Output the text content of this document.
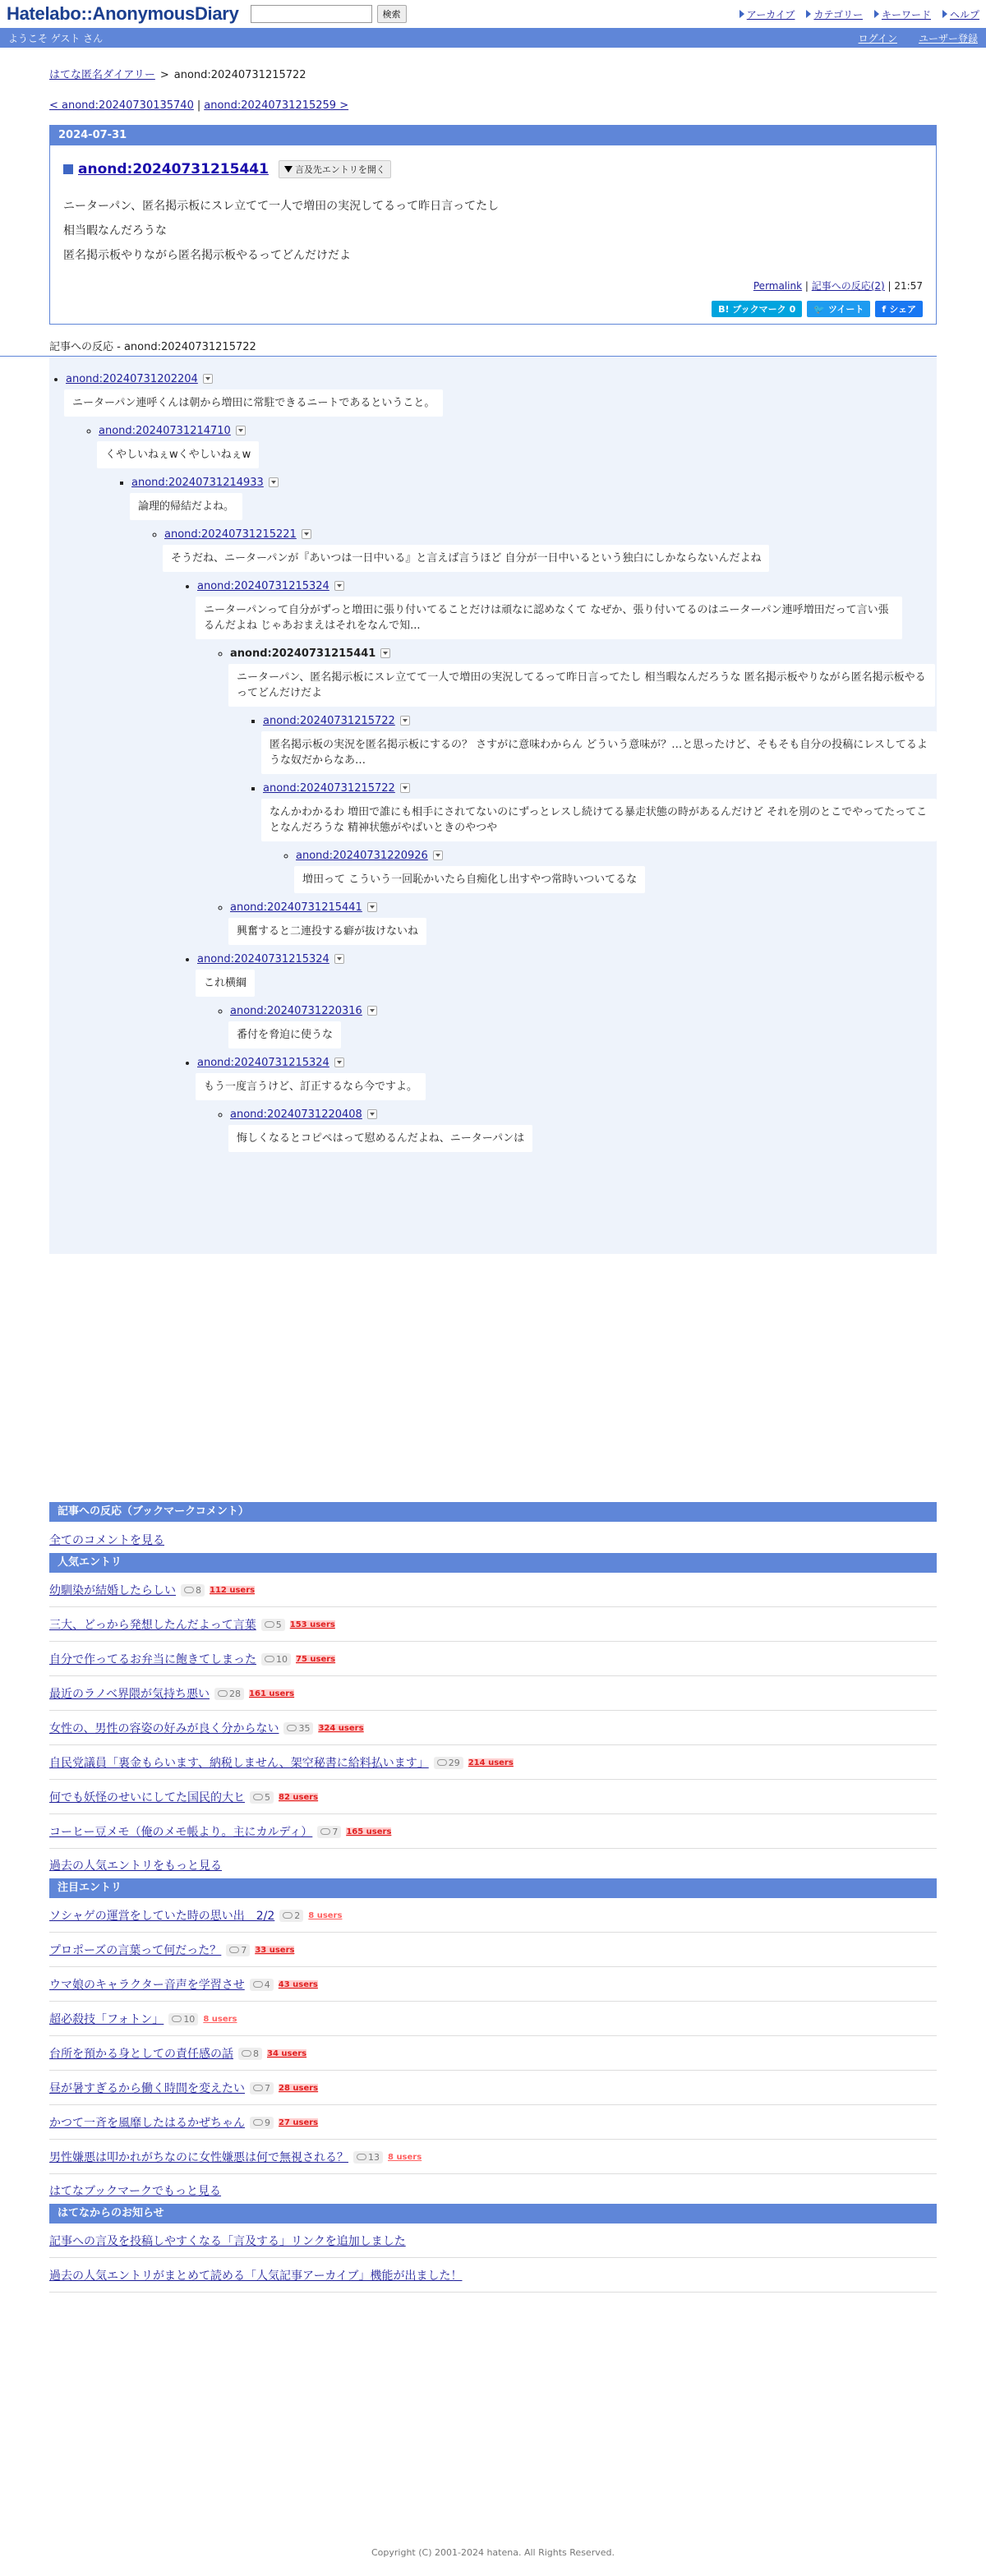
Hatelabo::AnonymousDiary	検索	アーカイブ カテゴリー キーワード ヘルプ
ようこそ ゲスト さん	ログイン ユーザー登録
はてな匿名ダイアリー > anond:20240731215722
< anond:20240730135740 | anond:20240731215259 >
2024-07-31
anond:20240731215441	言及先エントリを開く

ニーターパン、匿名掲示板にスレ立てて一人で増田の実況してるって昨日言ってたし

相当暇なんだろうな

匿名掲示板やりながら匿名掲示板やるってどんだけだよ

Permalink | 記事への反応(2) | 21:57
B! ブックマーク 0 🐦 ツイート f シェア
記事への反応 - anond:20240731215722
• anond:20240731202204
ニーターパン連呼くんは朝から増田に常駐できるニートであるということ。
◦ anond:20240731214710
くやしいねぇwくやしいねぇw
▪ anond:20240731214933
論理的帰結だよね。
◦ anond:20240731215221
そうだね、ニーターパンが『あいつは一日中いる』と言えば言うほど 自分が一日中いるという独白にしかならないんだよね
• anond:20240731215324
ニーターパンって自分がずっと増田に張り付いてることだけは頑なに認めなくて なぜか、張り付いてるのはニーターパン連呼増田だって言い張るんだよね じゃあおまえはそれをなんで知...
◦ anond:20240731215441
ニーターパン、匿名掲示板にスレ立てて一人で増田の実況してるって昨日言ってたし 相当暇なんだろうな 匿名掲示板やりながら匿名掲示板やるってどんだけだよ
▪ anond:20240731215722
匿名掲示板の実況を匿名掲示板にするの？ さすがに意味わからん どういう意味が？…と思ったけど、そもそも自分の投稿にレスしてるような奴だからなあ…
▪ anond:20240731215722
なんかわかるわ 増田で誰にも相手にされてないのにずっとレスし続けてる暴走状態の時があるんだけど それを別のとこでやってたってことなんだろうな 精神状態がやばいときのやつや
◦ anond:20240731220926
増田って こういう一回恥かいたら自痴化し出すやつ常時いついてるな
◦ anond:20240731215441
興奮すると二連投する癖が抜けないね
• anond:20240731215324
これ横綱
◦ anond:20240731220316
番付を脅迫に使うな
• anond:20240731215324
もう一度言うけど、訂正するなら今ですよ。
◦ anond:20240731220408
悔しくなるとコピペはって慰めるんだよね、ニーターパンは
記事への反応（ブックマークコメント）
全てのコメントを見る
人気エントリ
幼馴染が結婚したらしい 8 112 users
三大、どっから発想したんだよって言葉 5 153 users
自分で作ってるお弁当に飽きてしまった 10 75 users
最近のラノベ界隈が気持ち悪い 28 161 users
女性の、男性の容姿の好みが良く分からない 35 324 users
自民党議員「裏金もらいます、納税しません、架空秘書に給料払います」 29 214 users
何でも妖怪のせいにしてた国民的大ヒ 5 82 users
コーヒー豆メモ（俺のメモ帳より。主にカルディ） 7 165 users
過去の人気エントリをもっと見る
注目エントリ
ソシャゲの運営をしていた時の思い出　2/2 2 8 users
プロポーズの言葉って何だった？ 7 33 users
ウマ娘のキャラクター音声を学習させ 4 43 users
超必殺技「フォトン」 10 8 users
台所を預かる身としての責任感の話 8 34 users
昼が暑すぎるから働く時間を変えたい 7 28 users
かつて一斉を風靡したはるかぜちゃん 9 27 users
男性嫌悪は叩かれがちなのに女性嫌悪は何で無視される？ 13 8 users
はてなブックマークでもっと見る
はてなからのお知らせ
記事への言及を投稿しやすくなる「言及する」リンクを追加しました
過去の人気エントリがまとめて読める「人気記事アーカイブ」機能が出ました！
Copyright (C) 2001-2024 hatena. All Rights Reserved.
